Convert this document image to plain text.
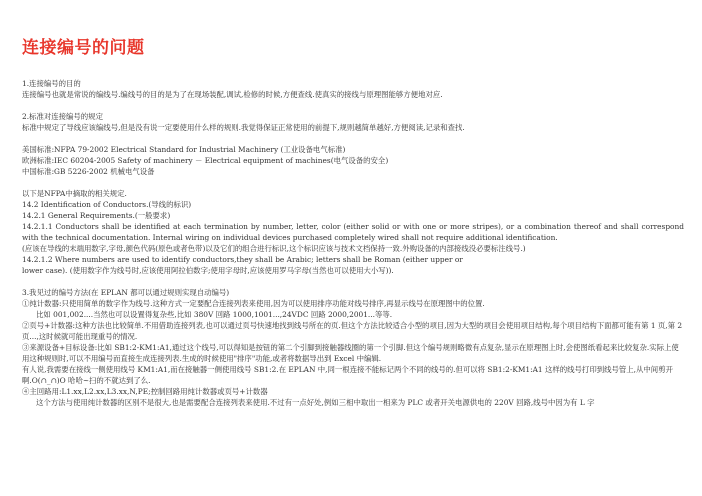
连接编号的问题

1.连接编号的目的

连接编号也就是常说的编线号.编线号的目的是为了在现场装配,调试,检修的时候,方便查线.使真实的接线与原理图能够方便地对应.

2.标准对连接编号的规定

标准中规定了导线应该编线号,但是没有说一定要使用什么样的规则.我觉得保证正常使用的前提下,规则越简单越好,方便阅读,记录和查找.

美国标准:NFPA 79-2002 Electrical Standard for Industrial Machinery (工业设备电气标准)

欧洲标准:IEC 60204-2005 Safety of machinery － Electrical equipment of machines(电气设备的安全)

中国标准:GB 5226-2002 机械电气设备

以下是NFPA中摘取的相关规定.

14.2 Identification of Conductors.(导线的标识)

14.2.1 General Requirements.(一般要求)

14.2.1.1 Conductors shall be identified at each termination by number, letter, color (either solid or with one or more stripes), or a combination thereof and shall correspond with the technical documentation. Internal wiring on individual devices purchased completely wired shall not require additional identification.

(应该在导线的末端用数字,字母,颜色代码(原色或者色带)以及它们的组合进行标识,这个标识应该与技术文档保持一致.外购设备的内部接线没必要标注线号.)

14.2.1.2 Where numbers are used to identify conductors,they shall be Arabic; letters shall be Roman (either upper or

lower case). (使用数字作为线号时,应该使用阿拉伯数字;使用字母时,应该使用罗马字母(当然也可以使用大小写)).

3.我见过的编号方法(在 EPLAN 都可以通过规则实现自动编号)

①纯计数器:只使用简单的数字作为线号.这种方式一定要配合连接列表来使用,因为可以使用排序功能对线号排序,再显示线号在原理图中的位置.

比如 001,002....当然也可以设置得复杂些,比如 380V 回路 1000,1001...,24VDC 回路 2000,2001...等等.

②页号+计数器:这种方法也比较简单.不用借助连接列表,也可以通过页号快速地找到线号所在的页.但这个方法比较适合小型的项目,因为大型的项目会使用项目结构,每个项目结构下面都可能有第 1 页,第 2 页...,这时候就可能出现重号的情况.

③来源设备+目标设备:比如 SB1:2-KM1:A1,通过这个线号,可以得知是按钮的第二个引脚到接触器线圈的第一个引脚.但这个编号规则略微有点复杂,显示在原理图上时,会使图纸看起来比较复杂.实际上使用这种规则时,可以不用编号而直接生成连接列表.生成的时候使用"排序"功能,或者将数据导出到 Excel 中编辑.

有人说,我需要在接线一侧使用线号 KM1:A1,而在接触器一侧使用线号 SB1:2.在 EPLAN 中,同一根连接不能标记两个不同的线号的.但可以将 SB1:2-KM1:A1 这样的线号打印到线号管上,从中间剪开啊.O(∩_∩)O 哈哈~扫的不就达到了么.

④主回路用:L1.xx,L2.xx,L3.xx,N,PE;控制回路用纯计数器或页号+计数器

这个方法与使用纯计数器的区别不是很大,也是需要配合连接列表来使用.不过有一点好处,例如三相中取出一相来为 PLC 或者开关电源供电的 220V 回路,线号中因为有 L 字
